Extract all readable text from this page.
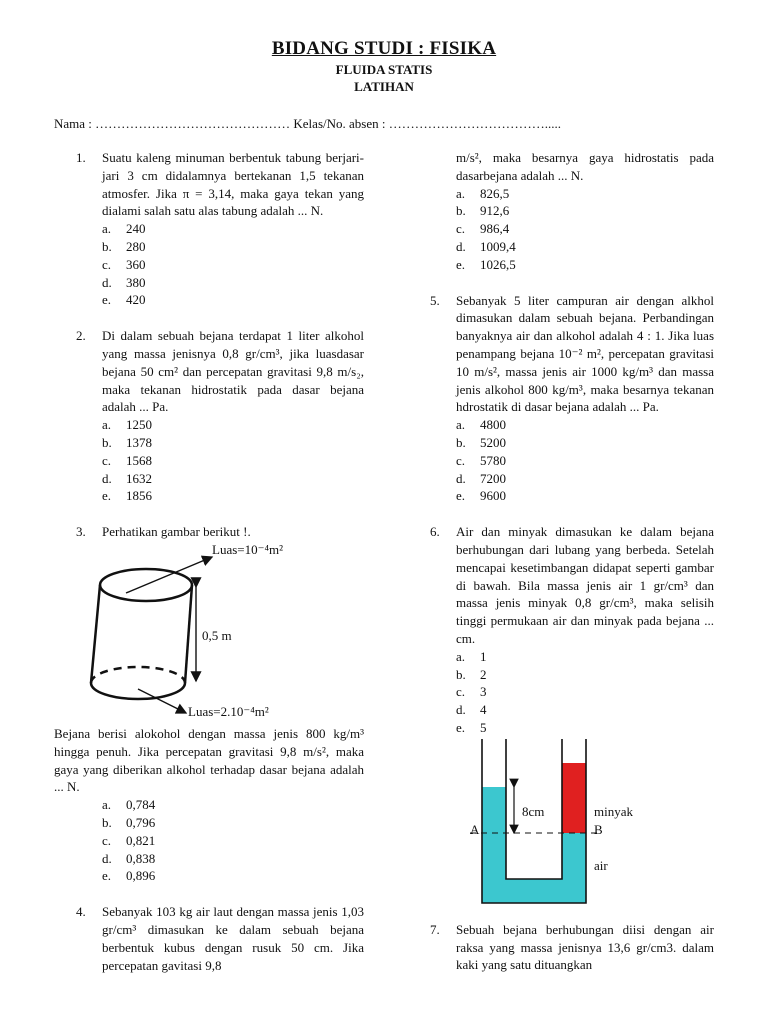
BIDANG STUDI : FISIKA
FLUIDA STATIS
LATIHAN
Nama : ……………………………………… Kelas/No. absen : ……………………………….....
1. Suatu kaleng minuman berbentuk tabung berjari-jari 3 cm didalamnya bertekanan 1,5 tekanan atmosfer. Jika π = 3,14, maka gaya tekan yang dialami salah satu alas tabung adalah ... N.
a.	240
b.	280
c.	360
d.	380
e.	420
2. Di dalam sebuah bejana terdapat 1 liter alkohol yang massa jenisnya 0,8 gr/cm³, jika luasdasar bejana 50 cm² dan percepatan gravitasi 9,8 m/s₂, maka tekanan hidrostatik pada dasar bejana adalah ... Pa.
a.	1250
b.	1378
c.	1568
d.	1632
e.	1856
3. Perhatikan gambar berikut !.
Luas=10⁻⁴m²
0,5 m
Luas=2.10⁻⁴m²
Bejana berisi alokohol dengan massa jenis 800 kg/m³ hingga penuh. Jika percepatan gravitasi 9,8 m/s², maka gaya yang diberikan alkohol terhadap dasar bejana adalah ... N.
a.	0,784
b.	0,796
c.	0,821
d.	0,838
e.	0,896
4. Sebanyak 103 kg air laut dengan massa jenis 1,03 gr/cm³ dimasukan ke dalam sebuah bejana berbentuk kubus dengan rusuk 50 cm. Jika percepatan gavitasi 9,8
m/s², maka besarnya gaya hidrostatis pada dasarbejana adalah ... N.
a.	826,5
b.	912,6
c.	986,4
d.	1009,4
e.	1026,5
5. Sebanyak 5 liter campuran air dengan alkhol dimasukan dalam sebuah bejana. Perbandingan banyaknya air dan alkohol adalah 4 : 1. Jika luas penampang bejana 10⁻² m², percepatan gravitasi 10 m/s², massa jenis air 1000 kg/m³ dan massa jenis alkohol 800 kg/m³, maka besarnya tekanan hdrostatik di dasar bejana adalah ... Pa.
a.	4800
b.	5200
c.	5780
d.	7200
e.	9600
6. Air dan minyak dimasukan ke dalam bejana berhubungan dari lubang yang berbeda. Setelah mencapai kesetimbangan didapat seperti gambar di bawah. Bila massa jenis air 1 gr/cm³ dan massa jenis minyak 0,8 gr/cm³, maka selisih tinggi permukaan air dan minyak pada bejana ... cm.
a.	1
b.	2
c.	3
d.	4
e.	5
8cm	minyak
A	B
air
7. Sebuah bejana berhubungan diisi dengan air raksa yang massa jenisnya 13,6 gr/cm3. dalam kaki yang satu dituangkan
